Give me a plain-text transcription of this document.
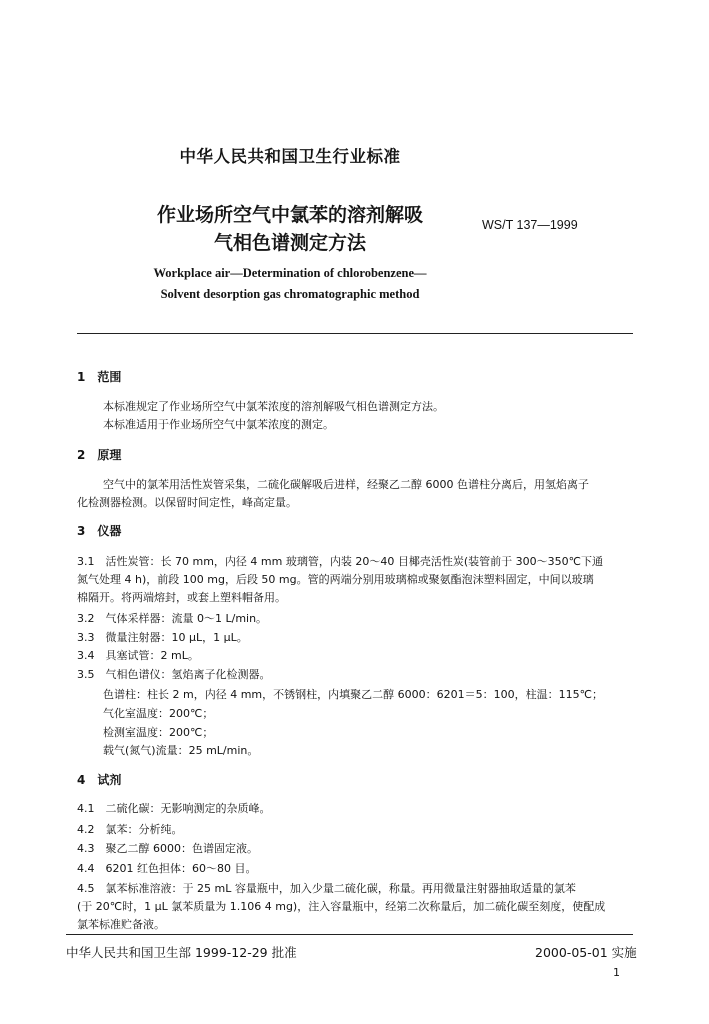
中华人民共和国卫生行业标准
作业场所空气中氯苯的溶剂解吸
气相色谱测定方法
WS/T 137—1999
Workplace air—Determination of chlorobenzene—
Solvent desorption gas chromatographic method
1　范围
本标准规定了作业场所空气中氯苯浓度的溶剂解吸气相色谱测定方法。
本标准适用于作业场所空气中氯苯浓度的测定。
2　原理
空气中的氯苯用活性炭管采集，二硫化碳解吸后进样，经聚乙二醇 6000 色谱柱分离后，用氢焰离子
化检测器检测。以保留时间定性，峰高定量。
3　仪器
3.1　活性炭管：长 70 mm，内径 4 mm 玻璃管，内装 20～40 目椰壳活性炭(装管前于 300～350℃下通
氮气处理 4 h)，前段 100 mg，后段 50 mg。管的两端分别用玻璃棉或聚氨酯泡沫塑料固定，中间以玻璃
棉隔开。将两端熔封，或套上塑料帽备用。
3.2　气体采样器：流量 0～1 L/min。
3.3　微量注射器：10 μL，1 μL。
3.4　具塞试管：2 mL。
3.5　气相色谱仪：氢焰离子化检测器。
色谱柱：柱长 2 m，内径 4 mm，不锈钢柱，内填聚乙二醇 6000：6201＝5：100，柱温：115℃；
气化室温度：200℃；
检测室温度：200℃；
载气(氮气)流量：25 mL/min。
4　试剂
4.1　二硫化碳：无影响测定的杂质峰。
4.2　氯苯：分析纯。
4.3　聚乙二醇 6000：色谱固定液。
4.4　6201 红色担体：60～80 目。
4.5　氯苯标准溶液：于 25 mL 容量瓶中，加入少量二硫化碳，称量。再用微量注射器抽取适量的氯苯
(于 20℃时，1 μL 氯苯质量为 1.106 4 mg)，注入容量瓶中，经第二次称量后，加二硫化碳至刻度，使配成
氯苯标准贮备液。
中华人民共和国卫生部 1999-12-29 批准	2000-05-01 实施
1
